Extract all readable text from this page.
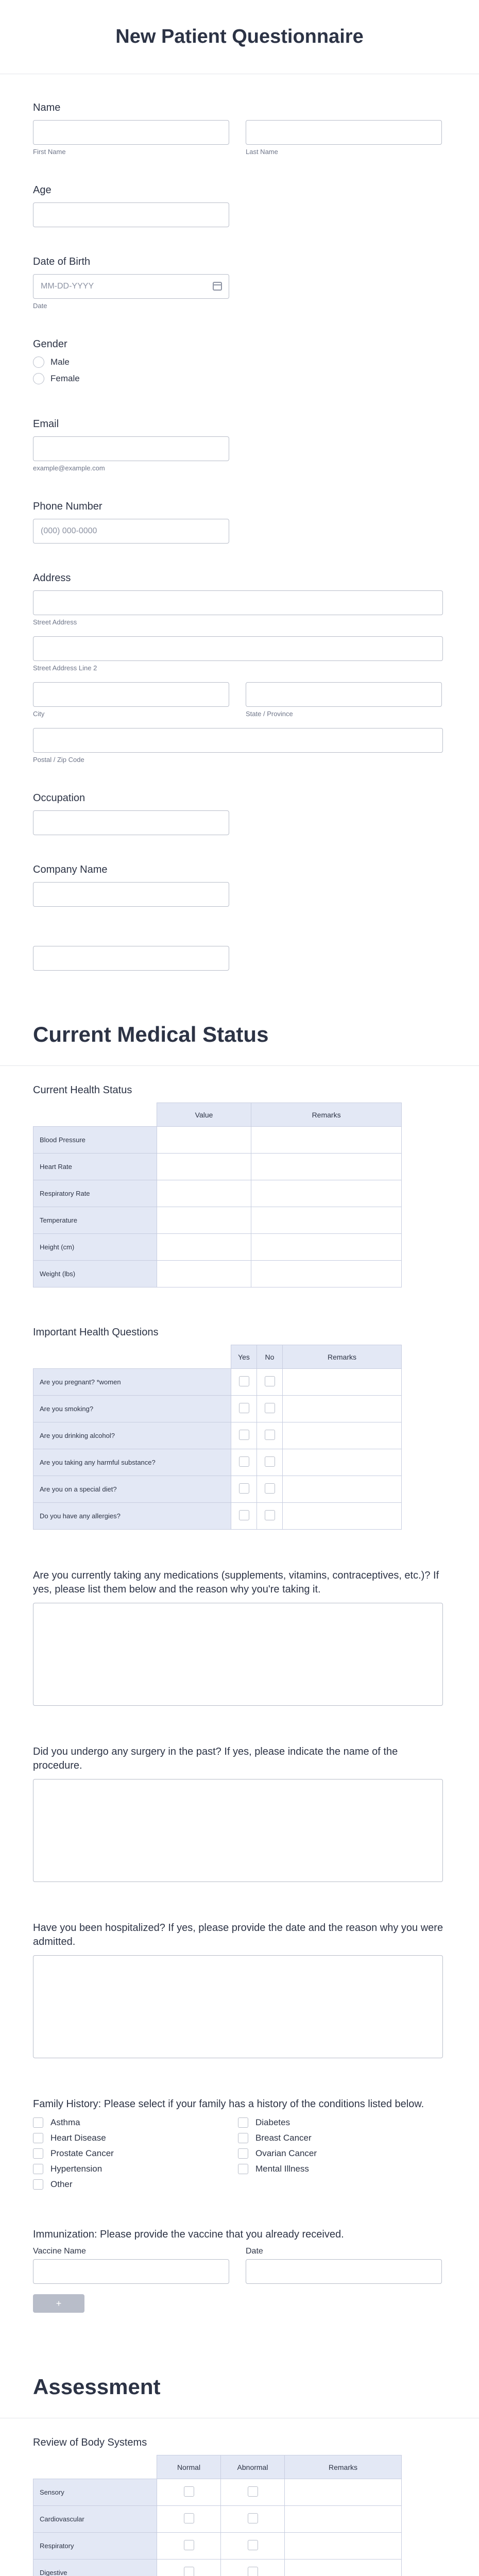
New Patient Questionnaire
Name
First Name	Last Name
Age
Date of Birth
MM-DD-YYYY
Date
Gender
Male
Female
Email
example@example.com
Phone Number
(000) 000-0000
Address
Street Address
Street Address Line 2
City	State / Province
Postal / Zip Code
Occupation
Company Name
Current Medical Status
Current Health Status
	Value	Remarks
Blood Pressure		
Heart Rate		
Respiratory Rate		
Temperature		
Height (cm)		
Weight (lbs)		
Important Health Questions
	Yes	No	Remarks
Are you pregnant? *women			
Are you smoking?			
Are you drinking alcohol?			
Are you taking any harmful substance?			
Are you on a special diet?			
Do you have any allergies?			
Are you currently taking any medications (supplements, vitamins, contraceptives, etc.)? If yes, please list them below and the reason why you're taking it.
Did you undergo any surgery in the past? If yes, please indicate the name of the procedure.
Have you been hospitalized? If yes, please provide the date and the reason why you were admitted.
Family History: Please select if your family has a history of the conditions listed below.
Asthma	Diabetes
Heart Disease	Breast Cancer
Prostate Cancer	Ovarian Cancer
Hypertension	Mental Illness
Other
Immunization: Please provide the vaccine that you already received.
Vaccine Name	Date
+
Assessment
Review of Body Systems
	Normal	Abnormal	Remarks
Sensory			
Cardiovascular			
Respiratory			
Digestive			
